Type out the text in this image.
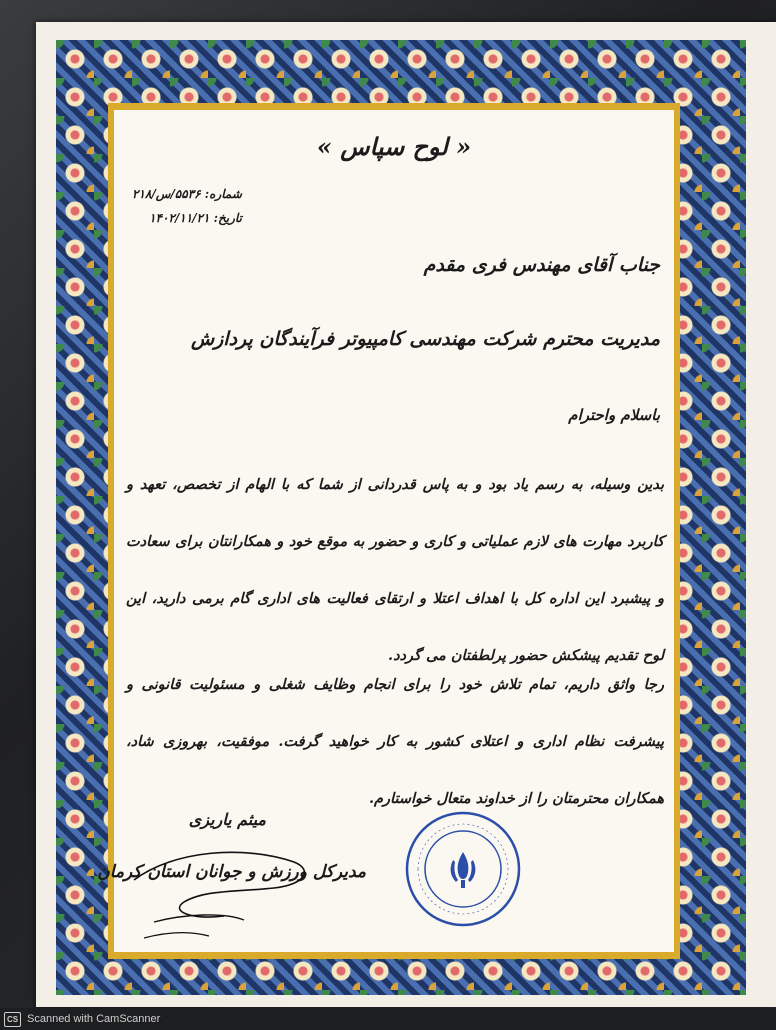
« لوح سپاس »
شماره: ۵۵۳۶/س/۲۱۸
تاریخ: ۱۴۰۲/۱۱/۲۱
جناب آقای مهندس فری مقدم
مدیریت محترم شرکت مهندسی کامپیوتر فرآیندگان پردازش
باسلام واحترام
بدین وسیله، به رسم یاد بود و به پاس قدردانی از شما که با الهام از تخصص، تعهد و کاربرد مهارت های لازم عملیاتی و کاری و حضور به موقع خود و همکارانتان برای سعادت و پیشبرد این اداره کل با اهداف اعتلا و ارتقای فعالیت های اداری گام برمی دارید، این لوح تقدیم پیشکش حضور پرلطفتان می گردد.
رجا واثق داریم، تمام تلاش خود را برای انجام وظایف شغلی و مسئولیت قانونی و پیشرفت نظام اداری و اعتلای کشور به کار خواهید گرفت. موفقیت، بهروزی شاد، همکاران محترمتان را از خداوند متعال خواستارم.
میثم یاریزی
مدیرکل ورزش و جوانان استان کرمان
CS Scanned with CamScanner
